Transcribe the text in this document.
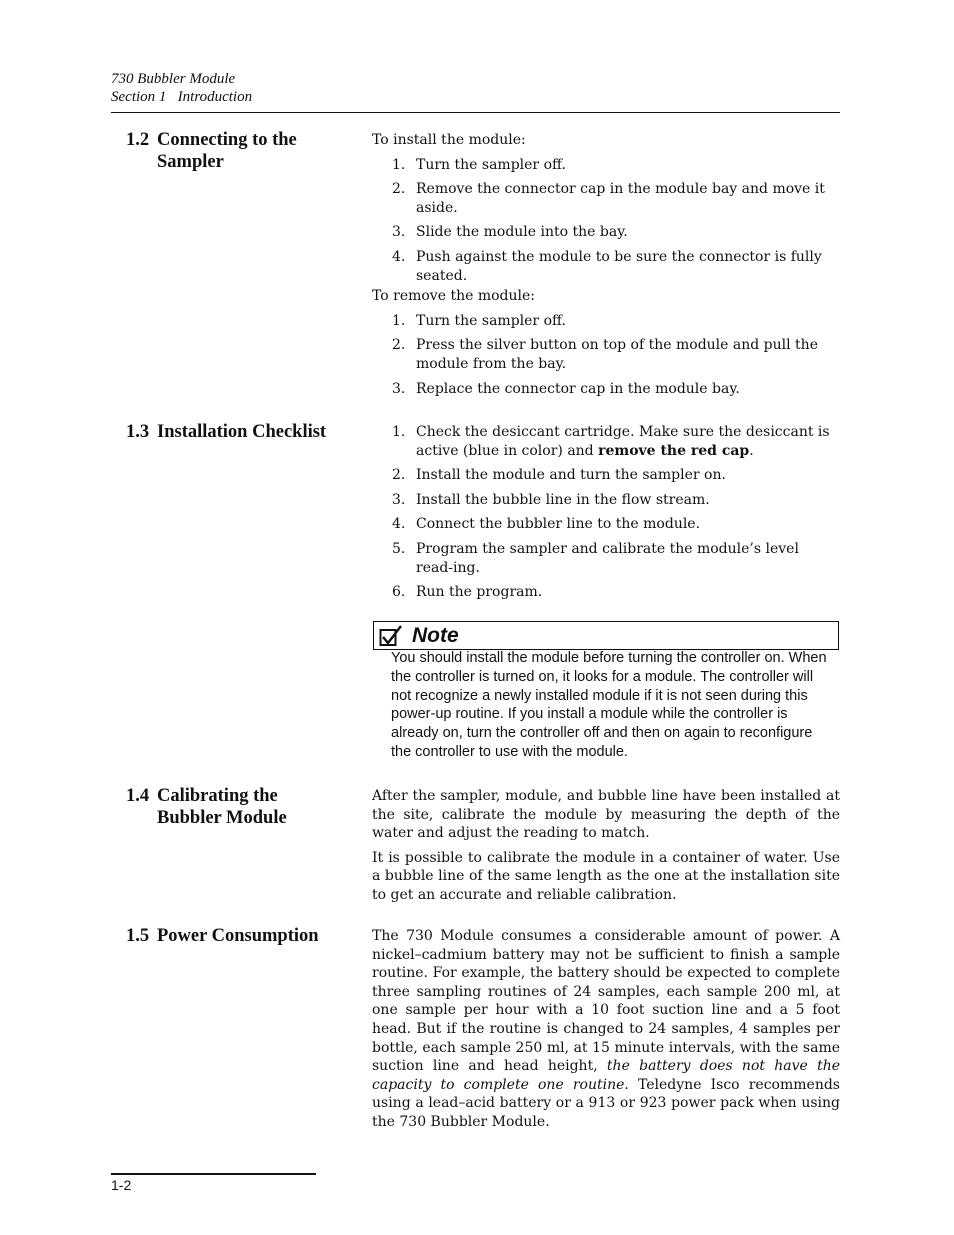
730 Bubbler Module
Section 1   Introduction
1.2 Connecting to the
Sampler

To install the module:

1. Turn the sampler off.
2. Remove the connector cap in the module bay and move it aside.
3. Slide the module into the bay.
4. Push against the module to be sure the connector is fully seated.

To remove the module:

1. Turn the sampler off.
2. Press the silver button on top of the module and pull the module from the bay.
3. Replace the connector cap in the module bay.
1.3 Installation Checklist	1. Check the desiccant cartridge. Make sure the desiccant is active (blue in color) and remove the red cap.
2. Install the module and turn the sampler on.
3. Install the bubble line in the flow stream.
4. Connect the bubbler line to the module.
5. Program the sampler and calibrate the module’s level read-ing.
6. Run the program.
Note
You should install the module before turning the controller on. When the controller is turned on, it looks for a module. The controller will not recognize a newly installed module if it is not seen during this power-up routine. If you install a module while the controller is already on, turn the controller off and then on again to reconfigure the controller to use with the module.
1.4 Calibrating the
Bubbler Module

After the sampler, module, and bubble line have been installed at the site, calibrate the module by measuring the depth of the water and adjust the reading to match.

It is possible to calibrate the module in a container of water. Use a bubble line of the same length as the one at the installation site to get an accurate and reliable calibration.

1.5 Power Consumption	The 730 Module consumes a considerable amount of power. A nickel–cadmium battery may not be sufficient to finish a sample routine. For example, the battery should be expected to complete three sampling routines of 24 samples, each sample 200 ml, at one sample per hour with a 10 foot suction line and a 5 foot head. But if the routine is changed to 24 samples, 4 samples per bottle, each sample 250 ml, at 15 minute intervals, with the same suction line and head height, the battery does not have the capacity to complete one routine. Teledyne Isco recommends using a lead–acid battery or a 913 or 923 power pack when using the 730 Bubbler Module.

1-2
